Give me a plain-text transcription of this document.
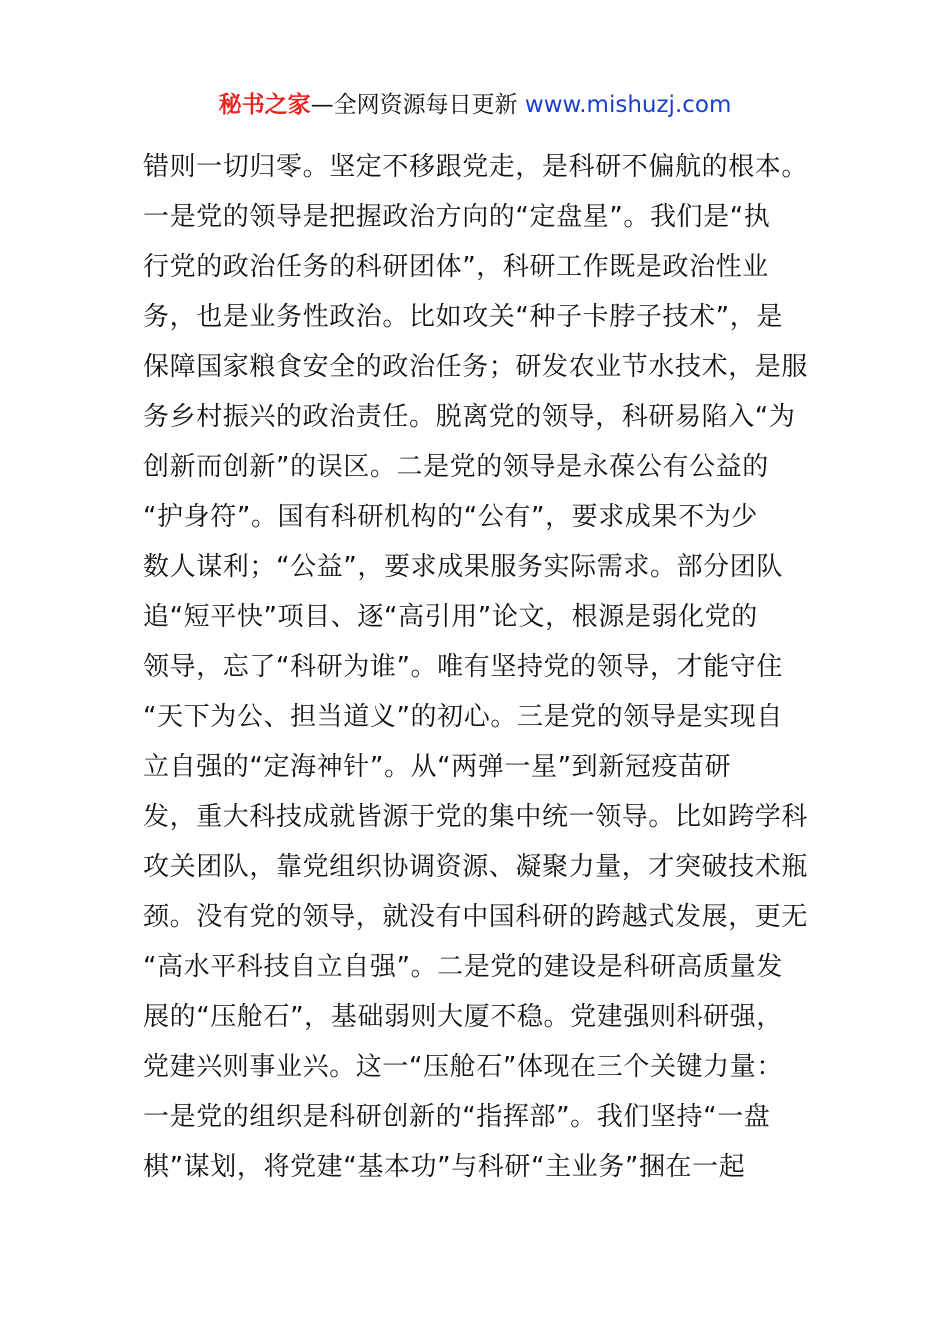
秘书之家—全网资源每日更新 www.mishuzj.com
错则一切归零。坚定不移跟党走，是科研不偏航的根本。
一是党的领导是把握政治方向的“定盘星”。我们是“执
行党的政治任务的科研团体”，科研工作既是政治性业
务，也是业务性政治。比如攻关“种子卡脖子技术”，是
保障国家粮食安全的政治任务；研发农业节水技术，是服
务乡村振兴的政治责任。脱离党的领导，科研易陷入“为
创新而创新”的误区。二是党的领导是永葆公有公益的
“护身符”。国有科研机构的“公有”，要求成果不为少
数人谋利；“公益”，要求成果服务实际需求。部分团队
追“短平快”项目、逐“高引用”论文，根源是弱化党的
领导，忘了“科研为谁”。唯有坚持党的领导，才能守住
“天下为公、担当道义”的初心。三是党的领导是实现自
立自强的“定海神针”。从“两弹一星”到新冠疫苗研
发，重大科技成就皆源于党的集中统一领导。比如跨学科
攻关团队，靠党组织协调资源、凝聚力量，才突破技术瓶
颈。没有党的领导，就没有中国科研的跨越式发展，更无
“高水平科技自立自强”。二是党的建设是科研高质量发
展的“压舱石”，基础弱则大厦不稳。党建强则科研强，
党建兴则事业兴。这一“压舱石”体现在三个关键力量：
一是党的组织是科研创新的“指挥部”。我们坚持“一盘
棋”谋划，将党建“基本功”与科研“主业务”捆在一起
